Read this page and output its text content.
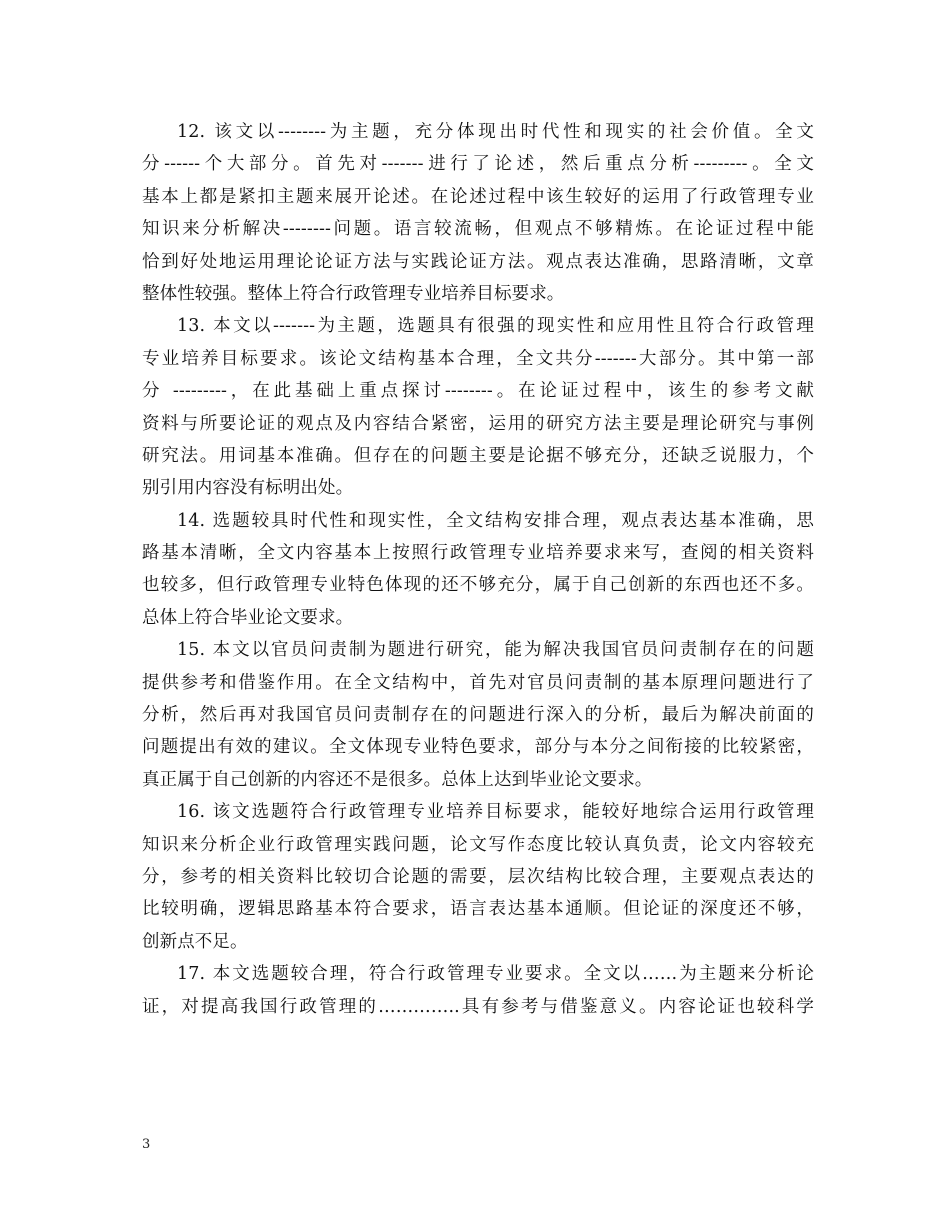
12. 该文以--------为主题，充分体现出时代性和现实的社会价值。全文
分------个大部分。首先对-------进行了论述，然后重点分析---------。全文
基本上都是紧扣主题来展开论述。在论述过程中该生较好的运用了行政管理专业
知识来分析解决--------问题。语言较流畅，但观点不够精炼。在论证过程中能
恰到好处地运用理论论证方法与实践论证方法。观点表达准确，思路清晰，文章
整体性较强。整体上符合行政管理专业培养目标要求。
13. 本文以-------为主题，选题具有很强的现实性和应用性且符合行政管理
专业培养目标要求。该论文结构基本合理，全文共分-------大部分。其中第一部
分 ---------，在此基础上重点探讨--------。在论证过程中，该生的参考文献
资料与所要论证的观点及内容结合紧密，运用的研究方法主要是理论研究与事例
研究法。用词基本准确。但存在的问题主要是论据不够充分，还缺乏说服力，个
别引用内容没有标明出处。
14. 选题较具时代性和现实性，全文结构安排合理，观点表达基本准确，思
路基本清晰，全文内容基本上按照行政管理专业培养要求来写，查阅的相关资料
也较多，但行政管理专业特色体现的还不够充分，属于自己创新的东西也还不多。
总体上符合毕业论文要求。
15. 本文以官员问责制为题进行研究，能为解决我国官员问责制存在的问题
提供参考和借鉴作用。在全文结构中，首先对官员问责制的基本原理问题进行了
分析，然后再对我国官员问责制存在的问题进行深入的分析，最后为解决前面的
问题提出有效的建议。全文体现专业特色要求，部分与本分之间衔接的比较紧密，
真正属于自己创新的内容还不是很多。总体上达到毕业论文要求。
16. 该文选题符合行政管理专业培养目标要求，能较好地综合运用行政管理
知识来分析企业行政管理实践问题，论文写作态度比较认真负责，论文内容较充
分，参考的相关资料比较切合论题的需要，层次结构比较合理，主要观点表达的
比较明确，逻辑思路基本符合要求，语言表达基本通顺。但论证的深度还不够，
创新点不足。
17. 本文选题较合理，符合行政管理专业要求。全文以……为主题来分析论
证，对提高我国行政管理的…………..具有参考与借鉴意义。内容论证也较科学
3
